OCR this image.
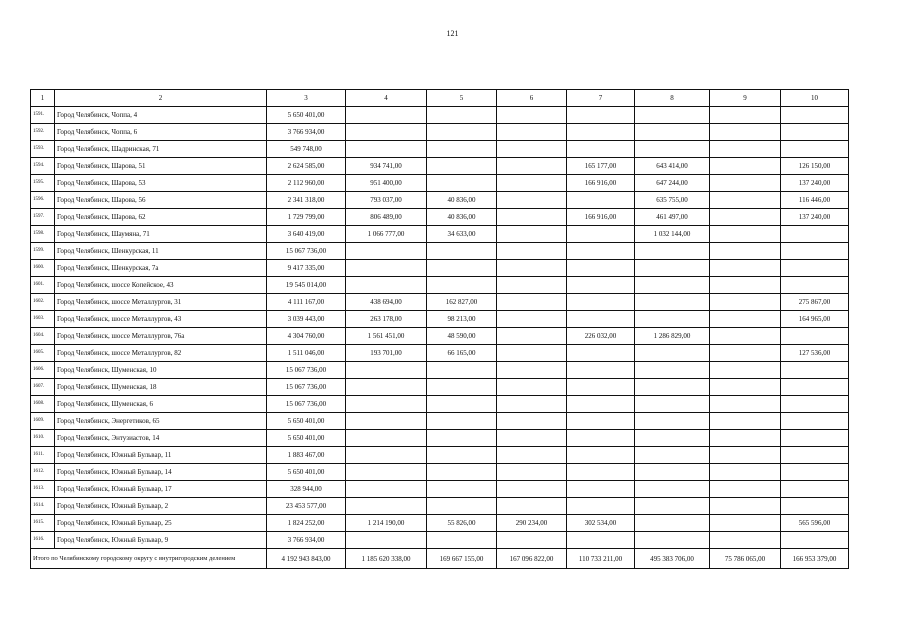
121
1	2	3	4	5	6	7	8	9	10
1591.	Город Челябинск, Чоппа, 4	5 650 401,00							
1592.	Город Челябинск, Чоппа, 6	3 766 934,00							
1593.	Город Челябинск, Шадринская, 71	549 748,00							
1594.	Город Челябинск, Шарова, 51	2 624 585,00	934 741,00			165 177,00	643 414,00		126 150,00
1595.	Город Челябинск, Шарова, 53	2 112 960,00	951 400,00			166 916,00	647 244,00		137 240,00
1596.	Город Челябинск, Шарова, 56	2 341 318,00	793 037,00	40 836,00			635 755,00		116 446,00
1597.	Город Челябинск, Шарова, 62	1 729 799,00	806 489,00	40 836,00		166 916,00	461 497,00		137 240,00
1598.	Город Челябинск, Шаумяна, 71	3 640 419,00	1 066 777,00	34 633,00			1 032 144,00		
1599.	Город Челябинск, Шенкурская, 11	15 067 736,00							
1600.	Город Челябинск, Шенкурская, 7а	9 417 335,00							
1601.	Город Челябинск, шоссе Копейское, 43	19 545 014,00							
1602.	Город Челябинск, шоссе Металлургов, 31	4 111 167,00	438 694,00	162 827,00					275 867,00
1603.	Город Челябинск, шоссе Металлургов, 43	3 039 443,00	263 178,00	98 213,00					164 965,00
1604.	Город Челябинск, шоссе Металлургов, 76а	4 304 760,00	1 561 451,00	48 590,00		226 032,00	1 286 829,00		
1605.	Город Челябинск, шоссе Металлургов, 82	1 511 046,00	193 701,00	66 165,00					127 536,00
1606.	Город Челябинск, Шуменская, 10	15 067 736,00							
1607.	Город Челябинск, Шуменская, 18	15 067 736,00							
1608.	Город Челябинск, Шуменская, 6	15 067 736,00							
1609.	Город Челябинск, Энергетиков, 65	5 650 401,00							
1610.	Город Челябинск, Энтузиастов, 14	5 650 401,00							
1611.	Город Челябинск, Южный Бульвар, 11	1 883 467,00							
1612.	Город Челябинск, Южный Бульвар, 14	5 650 401,00							
1613.	Город Челябинск, Южный Бульвар, 17	328 944,00							
1614.	Город Челябинск, Южный Бульвар, 2	23 453 577,00							
1615.	Город Челябинск, Южный Бульвар, 25	1 824 252,00	1 214 190,00	55 826,00	290 234,00	302 534,00			565 596,00
1616.	Город Челябинск, Южный Бульвар, 9	3 766 934,00							
Итого по Челябинскому городскому округу с внутригородским делением		4 192 943 843,00	1 185 620 338,00	169 667 155,00	167 096 822,00	110 733 211,00	495 383 706,00	75 786 065,00	166 953 379,00
